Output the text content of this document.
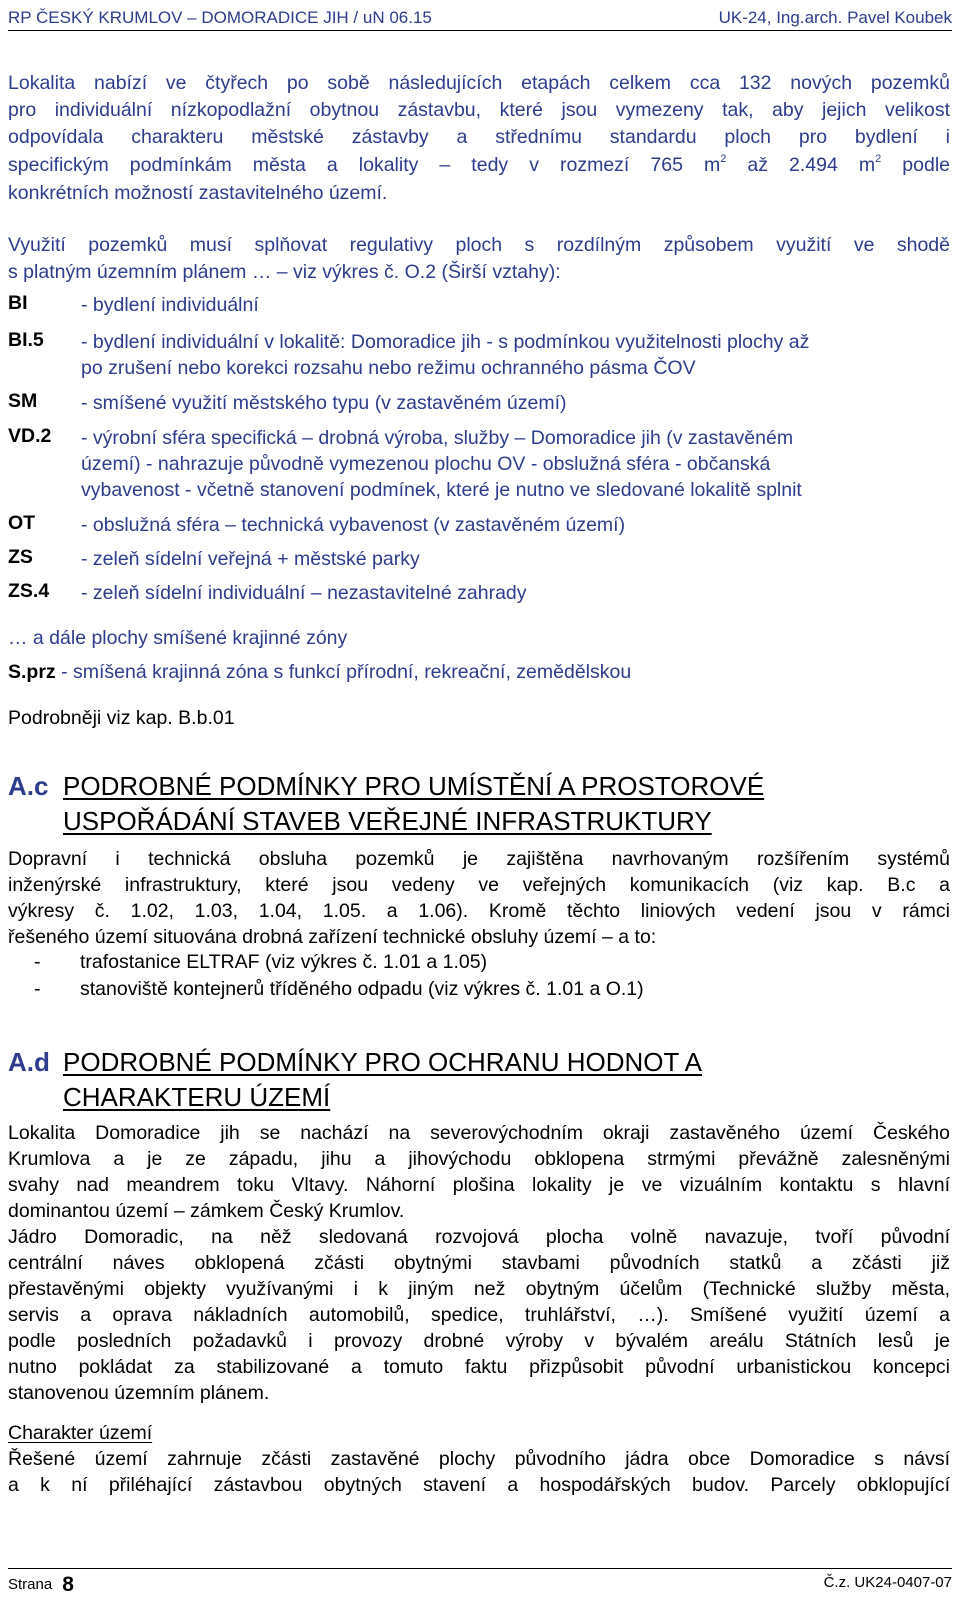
RP ČESKÝ KRUMLOV – DOMORADICE JIH / uN 06.15	UK-24, Ing.arch. Pavel Koubek
Lokalita nabízí ve čtyřech po sobě následujících etapách celkem cca 132 nových pozemků
pro individuální nízkopodlažní obytnou zástavbu, které jsou vymezeny tak, aby jejich velikost
odpovídala charakteru městské zástavby a střednímu standardu ploch pro bydlení i
specifickým podmínkám města a lokality – tedy v rozmezí 765 $m^2$ až 2.494 $m^2$ podle
konkrétních možností zastavitelného území.
Využití pozemků musí splňovat regulativy ploch s rozdílným způsobem využití ve shodě
s platným územním plánem … – viz výkres č. O.2 (Širší vztahy):
BI	- bydlení individuální
BI.5 - bydlení individuální v lokalitě: Domoradice jih - s podmínkou využitelnosti plochy až
po zrušení nebo korekci rozsahu nebo režimu ochranného pásma ČOV
SM - smíšené využití městského typu (v zastavěném území)
VD.2 - výrobní sféra specifická – drobná výroba, služby – Domoradice jih (v zastavěném
území) - nahrazuje původně vymezenou plochu OV - obslužná sféra - občanská
vybavenost - včetně stanovení podmínek, které je nutno ve sledované lokalitě splnit
OT - obslužná sféra – technická vybavenost (v zastavěném území)
ZS - zeleň sídelní veřejná + městské parky
ZS.4 - zeleň sídelní individuální – nezastavitelné zahrady
… a dále plochy smíšené krajinné zóny
S.prz - smíšená krajinná zóna s funkcí přírodní, rekreační, zemědělskou
Podrobněji viz kap. B.b.01
A.c PODROBNÉ PODMÍNKY PRO UMÍSTĚNÍ A PROSTOROVÉ
USPOŘÁDÁNÍ STAVEB VEŘEJNÉ INFRASTRUKTURY
Dopravní i technická obsluha pozemků je zajištěna navrhovaným rozšířením systémů
inženýrské infrastruktury, které jsou vedeny ve veřejných komunikacích (viz kap. B.c a
výkresy č. 1.02, 1.03, 1.04, 1.05. a 1.06). Kromě těchto liniových vedení jsou v rámci
řešeného území situována drobná zařízení technické obsluhy území – a to:
- trafostanice ELTRAF (viz výkres č. 1.01 a 1.05)
- stanoviště kontejnerů tříděného odpadu (viz výkres č. 1.01 a O.1)
A.d PODROBNÉ PODMÍNKY PRO OCHRANU HODNOT A
CHARAKTERU ÚZEMÍ
Lokalita Domoradice jih se nachází na severovýchodním okraji zastavěného území Českého
Krumlova a je ze západu, jihu a jihovýchodu obklopena strmými převážně zalesněnými
svahy nad meandrem toku Vltavy. Náhorní plošina lokality je ve vizuálním kontaktu s hlavní
dominantou území – zámkem Český Krumlov.
Jádro Domoradic, na něž sledovaná rozvojová plocha volně navazuje, tvoří původní
centrální náves obklopená zčásti obytnými stavbami původních statků a zčásti již
přestavěnými objekty využívanými i k jiným než obytným účelům (Technické služby města,
servis a oprava nákladních automobilů, spedice, truhlářství, …). Smíšené využití území a
podle posledních požadavků i provozy drobné výroby v bývalém areálu Státních lesů je
nutno pokládat za stabilizované a tomuto faktu přizpůsobit původní urbanistickou koncepci
stanovenou územním plánem.
Charakter území
Řešené území zahrnuje zčásti zastavěné plochy původního jádra obce Domoradice s návsí
a k ní přiléhající zástavbou obytných stavení a hospodářských budov. Parcely obklopující
Strana 8	Č.z. UK24-0407-07
